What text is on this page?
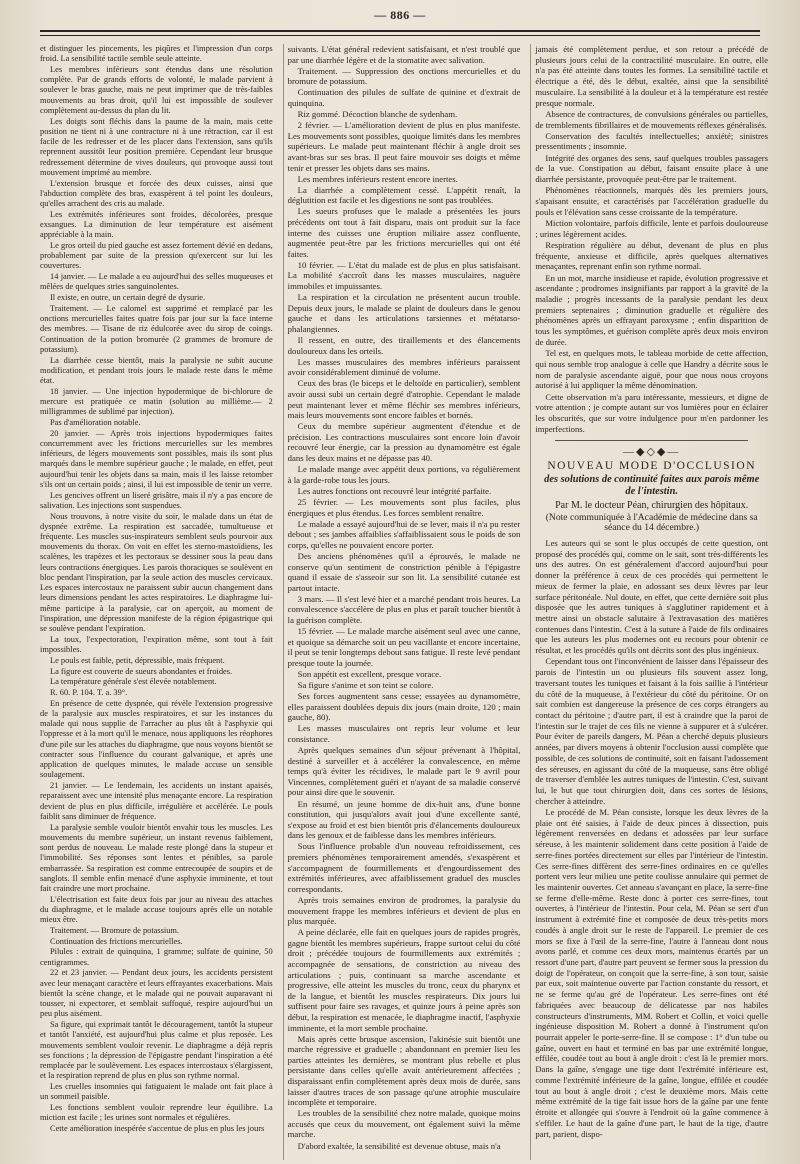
— 886 —

et distinguer les pincements, les piqûres et l'impression d'un corps froid. La sensibilité tactile semble seule atteinte.

Les membres inférieurs sont étendus dans une résolution complète. Par de grands efforts de volonté, le malade parvient à soulever le bras gauche, mais ne peut imprimer que de très-faibles mouvements au bras droit, qu'il lui est impossible de soulever complètement au-dessus du plan du lit.

Les doigts sont fléchis dans la paume de la main, mais cette position ne tient ni à une contracture ni à une rétraction, car il est facile de les redresser et de les placer dans l'extension, sans qu'ils reprennent aussitôt leur position première. Cependant leur brusque redressement détermine de vives douleurs, qui provoque aussi tout mouvement imprimé au membre.

L'extension brusque et forcée des deux cuisses, ainsi que l'abduction complète des bras, exaspèrent à tel point les douleurs, qu'elles arrachent des cris au malade.

Les extrémités inférieures sont froides, décolorées, presque exsangues. La diminution de leur température est aisément appréciable à la main.

Le gros orteil du pied gauche est assez fortement dévié en dedans, probablement par suite de la pression qu'exercent sur lui les couvertures.

14 janvier. — Le malade a eu aujourd'hui des selles muqueuses et mêlées de quelques stries sanguinolentes.

Il existe, en outre, un certain degré de dysurie.

Traitement. — Le calomel est supprimé et remplacé par les onctions mercurielles faites quatre fois par jour sur la face interne des membres. — Tisane de riz édulcorée avec du sirop de coings. Continuation de la potion bromurée (2 grammes de bromure de potassium).

La diarrhée cesse bientôt, mais la paralysie ne subit aucune modification, et pendant trois jours le malade reste dans le même état.

18 janvier. — Une injection hypodermique de bi-chlorure de mercure est pratiquée ce matin (solution au millième.— 2 milligrammes de sublimé par injection).

Pas d'amélioration notable.

20 janvier. — Après trois injections hypodermiques faites concurremment avec les frictions mercurielles sur les membres inférieurs, de légers mouvements sont possibles, mais ils sont plus marqués dans le membre supérieur gauche ; le malade, en effet, peut aujourd'hui tenir les objets dans sa main, mais il les laisse retomber s'ils ont un certain poids ; ainsi, il lui est impossible de tenir un verre.

Les gencives offrent un liseré grisâtre, mais il n'y a pas encore de salivation. Les injections sont suspendues.

Nous trouvons, à notre visite du soir, le malade dans un état de dyspnée extrême. La respiration est saccadée, tumultueuse et fréquente. Les muscles sus-inspirateurs semblent seuls pourvoir aux mouvements du thorax. On voit en effet les sterno-mastoïdiens, les scalènes, les trapèzes et les pectoraux se dessiner sous la peau dans leurs contractions énergiques. Les parois thoraciques se soulèvent en bloc pendant l'inspiration, par la seule action des muscles cervicaux. Les espaces intercostaux ne paraissent subir aucun changement dans leurs dimensions pendant les actes respiratoires. Le diaphragme lui-même participe à la paralysie, car on aperçoit, au moment de l'inspiration, une dépression manifeste de la région épigastrique qui se soulève pendant l'expiration.

La toux, l'expectoration, l'expiration même, sont tout à fait impossibles.

Le pouls est faible, petit, dépressible, mais fréquent.

La figure est couverte de sueurs abondantes et froides.

La température générale s'est élevée notablement.

R. 60. P. 104. T. a. 39°.

En présence de cette dyspnée, qui révèle l'extension progressive de la paralysie aux muscles respiratoires, et sur les instances du malade qui nous supplie de l'arracher au plus tôt à l'asphyxie qui l'oppresse et à la mort qu'il le menace, nous appliquons les réophores d'une pile sur les attaches du diaphragme, que nous voyons bientôt se contracter sous l'influence du courant galvanique, et après une application de quelques minutes, le malade accuse un sensible soulagement.

21 janvier. — Le lendemain, les accidents un instant apaisés, reparaissent avec une intensité plus menaçante encore. La respiration devient de plus en plus difficile, irrégulière et accélérée. Le pouls faiblit sans diminuer de fréquence.

La paralysie semble vouloir bientôt envahir tous les muscles. Les mouvements du membre supérieur, un instant revenus faiblement, sont perdus de nouveau. Le malade reste plongé dans la stupeur et l'immobilité. Ses réponses sont lentes et pénibles, sa parole embarrassée. Sa respiration est comme entrecoupée de soupirs et de sanglots. Il semble enfin menacé d'une asphyxie imminente, et tout fait craindre une mort prochaine.

L'électrisation est faite deux fois par jour au niveau des attaches du diaphragme, et le malade accuse toujours après elle un notable mieux être.

Traitement. — Bromure de potassium.

Continuation des frictions mercurielles.

Pilules : extrait de quinquina, 1 gramme; sulfate de quinine, 50 centigrammes.

22 et 23 janvier. — Pendant deux jours, les accidents persistent avec leur menaçant caractère et leurs effrayantes exacerbations. Mais bientôt la scène change, et le malade qui ne pouvait auparavant ni tousser, ni expectorer, et semblait suffoqué, respire aujourd'hui un peu plus aisément.

Sa figure, qui exprimait tantôt le découragement, tantôt la stupeur et tantôt l'anxiété, est aujourd'hui plus calme et plus reposée. Les mouvements semblent vouloir revenir. Le diaphragme a déjà repris ses fonctions ; la dépression de l'épigastre pendant l'inspiration a été remplacée par le soulèvement. Les espaces intercostaux s'élargissent, et la respiration reprend de plus en plus son rythme normal.

Les cruelles insomnies qui fatiguaient le malade ont fait place à un sommeil paisible.

Les fonctions semblent vouloir reprendre leur équilibre. La miction est facile ; les urines sont normales et régulières.

Cette amélioration inespérée s'accentue de plus en plus les jours

suivants. L'état général redevient satisfaisant, et n'est troublé que par une diarrhée légère et de la stomatite avec salivation.

Traitement. — Suppression des onctions mercurielles et du bromure de potassium.

Continuation des pilules de sulfate de quinine et d'extrait de quinquina.

Riz gommé. Décoction blanche de sydenham.

2 février. — L'amélioration devient de plus en plus manifeste. Les mouvements sont possibles, quoique limités dans les membres supérieurs. Le malade peut maintenant fléchir à angle droit ses avant-bras sur ses bras. Il peut faire mouvoir ses doigts et même tenir et presser les objets dans ses mains.

Les membres inférieurs restent encore inertes.

La diarrhée a complètement cessé. L'appétit renaît, la déglutition est facile et les digestions ne sont pas troublées.

Les sueurs profuses que le malade a présentées les jours précédents ont tout à fait disparu, mais ont produit sur la face interne des cuisses une éruption miliaire assez confluente, augmentée peut-être par les frictions mercurielles qui ont été faites.

10 février. — L'état du malade est de plus en plus satisfaisant. La mobilité s'accroît dans les masses musculaires, naguère immobiles et impuissantes.

La respiration et la circulation ne présentent aucun trouble. Depuis deux jours, le malade se plaint de douleurs dans le genou gauche et dans les articulations tarsiennes et métatarso-phalangiennes.

Il ressent, en outre, des tiraillements et des élancements douloureux dans les orteils.

Les masses musculaires des membres inférieurs paraissent avoir considérablement diminué de volume.

Ceux des bras (le biceps et le deltoïde en particulier), semblent avoir aussi subi un certain degré d'atrophie. Cependant le malade peut maintenant lever et même fléchir ses membres inférieurs, mais leurs mouvements sont encore faibles et bornés.

Ceux du membre supérieur augmentent d'étendue et de précision. Les contractions musculaires sont encore loin d'avoir recouvré leur énergie, car la pression au dynamomètre est égale dans les deux mains et ne dépasse pas 40.

Le malade mange avec appétit deux portions, va régulièrement à la garde-robe tous les jours.

Les autres fonctions ont recouvré leur intégrité parfaite.

25 février. — Les mouvements sont plus faciles, plus énergiques et plus étendus. Les forces semblent renaître.

Le malade a essayé aujourd'hui de se lever, mais il n'a pu rester debout ; ses jambes affaiblies s'affaiblissaient sous le poids de son corps, qu'elles ne pouvaient encore porter.

Des anciens phénomènes qu'il a éprouvés, le malade ne conserve qu'un sentiment de constriction pénible à l'épigastre quand il essaie de s'asseoir sur son lit. La sensibilité cutanée est partout intacte.

3 mars. — Il s'est levé hier et a marché pendant trois heures. La convalescence s'accélère de plus en plus et paraît toucher bientôt à la guérison complète.

15 février. — Le malade marche aisément seul avec une canne, et quoique sa démarche soit un peu vacillante et encore incertaine, il peut se tenir longtemps debout sans fatigue. Il reste levé pendant presque toute la journée.

Son appétit est excellent, presque vorace.

Sa figure s'anime et son teint se colore.

Ses forces augmentent sans cesse; essayées au dynamomètre, elles paraissent doublées depuis dix jours (main droite, 120 ; main gauche, 80).

Les masses musculaires ont repris leur volume et leur consistance.

Après quelques semaines d'un séjour prévenant à l'hôpital, destiné à surveiller et à accélérer la convalescence, en même temps qu'à éviter les récidives, le malade part le 9 avril pour Vincennes, complètement guéri et n'ayant de sa maladie conservé pour ainsi dire que le souvenir.

En résumé, un jeune homme de dix-huit ans, d'une bonne constitution, qui jusqu'alors avait joui d'une excellente santé, s'expose au froid et est bien bientôt pris d'élancements douloureux dans les genoux et de faiblesse dans les membres inférieurs.

Sous l'influence probable d'un nouveau refroidissement, ces premiers phénomènes temporairement amendés, s'exaspèrent et s'accompagnent de fourmillements et d'engourdissement des extrémités inférieures, avec affaiblissement graduel des muscles correspondants.

Après trois semaines environ de prodromes, la paralysie du mouvement frappe les membres inférieurs et devient de plus en plus marquée.

A peine déclarée, elle fait en quelques jours de rapides progrès, gagne bientôt les membres supérieurs, frappe surtout celui du côté droit ; précédée toujours de fourmillements aux extrémités ; accompagnée de sensations, de constriction au niveau des articulations ; puis, continuant sa marche ascendante et progressive, elle atteint les muscles du tronc, ceux du pharynx et de la langue, et bientôt les muscles respirateurs. Dix jours lui suffisent pour faire ses ravages, et quinze jours à peine après son début, la respiration est menacée, le diaphragme inactif, l'asphyxie imminente, et la mort semble prochaine.

Mais après cette brusque ascension, l'akinésie suit bientôt une marche régressive et graduelle ; abandonnant en premier lieu les parties atteintes les dernières, se montrant plus rebelle et plus persistante dans celles qu'elle avait antérieurement affectées ; disparaissant enfin complètement après deux mois de durée, sans laisser d'autres traces de son passage qu'une atrophie musculaire incomplète et temporaire.

Les troubles de la sensibilité chez notre malade, quoique moins accusés que ceux du mouvement, ont également suivi la même marche.

D'abord exaltée, la sensibilité est devenue obtuse, mais n'a

jamais été complètement perdue, et son retour a précédé de plusieurs jours celui de la contractilité musculaire. En outre, elle n'a pas été atteinte dans toutes les formes. La sensibilité tactile et électrique a été, dès le début, exaltée, ainsi que la sensibilité musculaire. La sensibilité à la douleur et à la température est restée presque normale.

Absence de contractures, de convulsions générales ou partielles, de tremblements fibrillaires et de mouvements réflexes généralisés.

Conservation des facultés intellectuelles; anxiété; sinistres pressentiments ; insomnie.

Intégrité des organes des sens, sauf quelques troubles passagers de la vue. Constipation au début, faisant ensuite place à une diarrhée persistante, provoquée peut-être par le traitement.

Phénomènes réactionnels, marqués dès les premiers jours, s'apaisant ensuite, et caractérisés par l'accélération graduelle du pouls et l'élévation sans cesse croissante de la température.

Miction volontaire, parfois difficile, lente et parfois douloureuse ; urines légèrement acides.

Respiration régulière au début, devenant de plus en plus fréquente, anxieuse et difficile, après quelques alternatives menaçantes, reprenant enfin son rythme normal.

En un mot, marche insidieuse et rapide, évolution progressive et ascendante ; prodromes insignifiants par rapport à la gravité de la maladie ; progrès incessants de la paralysie pendant les deux premiers septenaires ; diminution graduelle et régulière des phénomènes après un effrayant paroxysme ; enfin disparition de tous les symptômes, et guérison complète après deux mois environ de durée.

Tel est, en quelques mots, le tableau morbide de cette affection, qui nous semble trop analogue à celle que Handry a décrite sous le nom de paralysie ascendante aiguë, pour que nous nous croyons autorisé à lui appliquer la même dénomination.

Cette observation m'a paru intéressante, messieurs, et digne de votre attention ; je compte autant sur vos lumières pour en éclairer les obscurités, que sur votre indulgence pour m'en pardonner les imperfections.

—◆◇◆—
NOUVEAU MODE D'OCCLUSION
des solutions de continuité faites aux parois même de l'intestin.
Par M. le docteur Péan, chirurgien des hôpitaux.
(Note communiquée à l'Académie de médecine dans sa séance du 14 décembre.)

Les auteurs qui se sont le plus occupés de cette question, ont proposé des procédés qui, comme on le sait, sont très-différents les uns des autres. On est généralement d'accord aujourd'hui pour donner la préférence à ceux de ces procédés qui permettent le mieux de fermer la plaie, en adossant ses deux lèvres par leur surface péritonéale. Nul doute, en effet, que cette dernière soit plus disposée que les autres tuniques à s'agglutiner rapidement et à mettre ainsi un obstacle salutaire à l'extravasation des matières contenues dans l'intestin. C'est à la suture à l'aide de fils ordinaires que les auteurs les plus modernes ont eu recours pour obtenir ce résultat, et les procédés qu'ils ont décrits sont des plus ingénieux.

Cependant tous ont l'inconvénient de laisser dans l'épaisseur des parois de l'intestin un ou plusieurs fils souvent assez long, traversant toutes les tuniques et faisant à la fois saillie à l'intérieur du côté de la muqueuse, à l'extérieur du côté du péritoine. Or on sait combien est dangereuse la présence de ces corps étrangers au contact du péritoine ; d'autre part, il est à craindre que la paroi de l'intestin sur le trajet de ces fils ne vienne à suppurer et à s'ulcérer. Pour éviter de pareils dangers, M. Péan a cherché depuis plusieurs années, par divers moyens à obtenir l'occlusion aussi complète que possible, de ces solutions de continuité, soit en faisant l'adossement des séreuses, en agissant du côté de la muqueuse, sans être obligé de traverser d'emblée les autres tuniques de l'intestin. C'est, suivant lui, le but que tout chirurgien doit, dans ces sortes de lésions, chercher à atteindre.

Le procédé de M. Péan consiste, lorsque les deux lèvres de la plaie ont été saisies, à l'aide de deux pinces à dissection, puis légèrement renversées en dedans et adossées par leur surface séreuse, à les maintenir solidement dans cette position à l'aide de serre-fines portées directement sur elles par l'intérieur de l'intestin. Ces serre-fines diffèrent des serre-fines ordinaires en ce qu'elles portent vers leur milieu une petite coulisse annulaire qui permet de les maintenir ouvertes. Cet anneau s'avançant en place, la serre-fine se ferme d'elle-même. Reste donc à porter ces serre-fines, tout ouvertes, à l'intérieur de l'intestin. Pour cela, M. Péan se sert d'un instrument à extrémité fine et composée de deux très-petits mors coudés à angle droit sur le reste de l'appareil. Le premier de ces mors se fixe à l'œil de la serre-fine, l'autre à l'anneau dont nous avons parlé, et comme ces deux mors, maintenus écartés par un ressort d'une part, d'autre part peuvent se fermer sous la pression du doigt de l'opérateur, on conçoit que la serre-fine, à son tour, saisie par eux, soit maintenue ouverte par l'action constante du ressort, et ne se ferme qu'au gré de l'opérateur. Les serre-fines ont été fabriquées avec beaucoup de délicatesse par nos habiles constructeurs d'instruments, MM. Robert et Collin, et voici quelle ingénieuse disposition M. Robert a donné à l'instrument qu'on pourrait appeler le porte-serre-fine. Il se compose : 1° d'un tube ou gaîne, ouvert en haut et terminé en bas par une extrémité longue, effilée, coudée tout au bout à angle droit : c'est là le premier mors. Dans la gaîne, s'engage une tige dont l'extrémité inférieure est, comme l'extrémité inférieure de la gaîne, longue, effilée et coudée tout au bout à angle droit ; c'est le deuxième mors. Mais cette même extrémité de la tige fait issue hors de la gaîne par une fente étroite et allongée qui s'ouvre à l'endroit où la gaîne commence à s'effiler. Le haut de la gaîne d'une part, le haut de la tige, d'autre part, parient, dispo-
